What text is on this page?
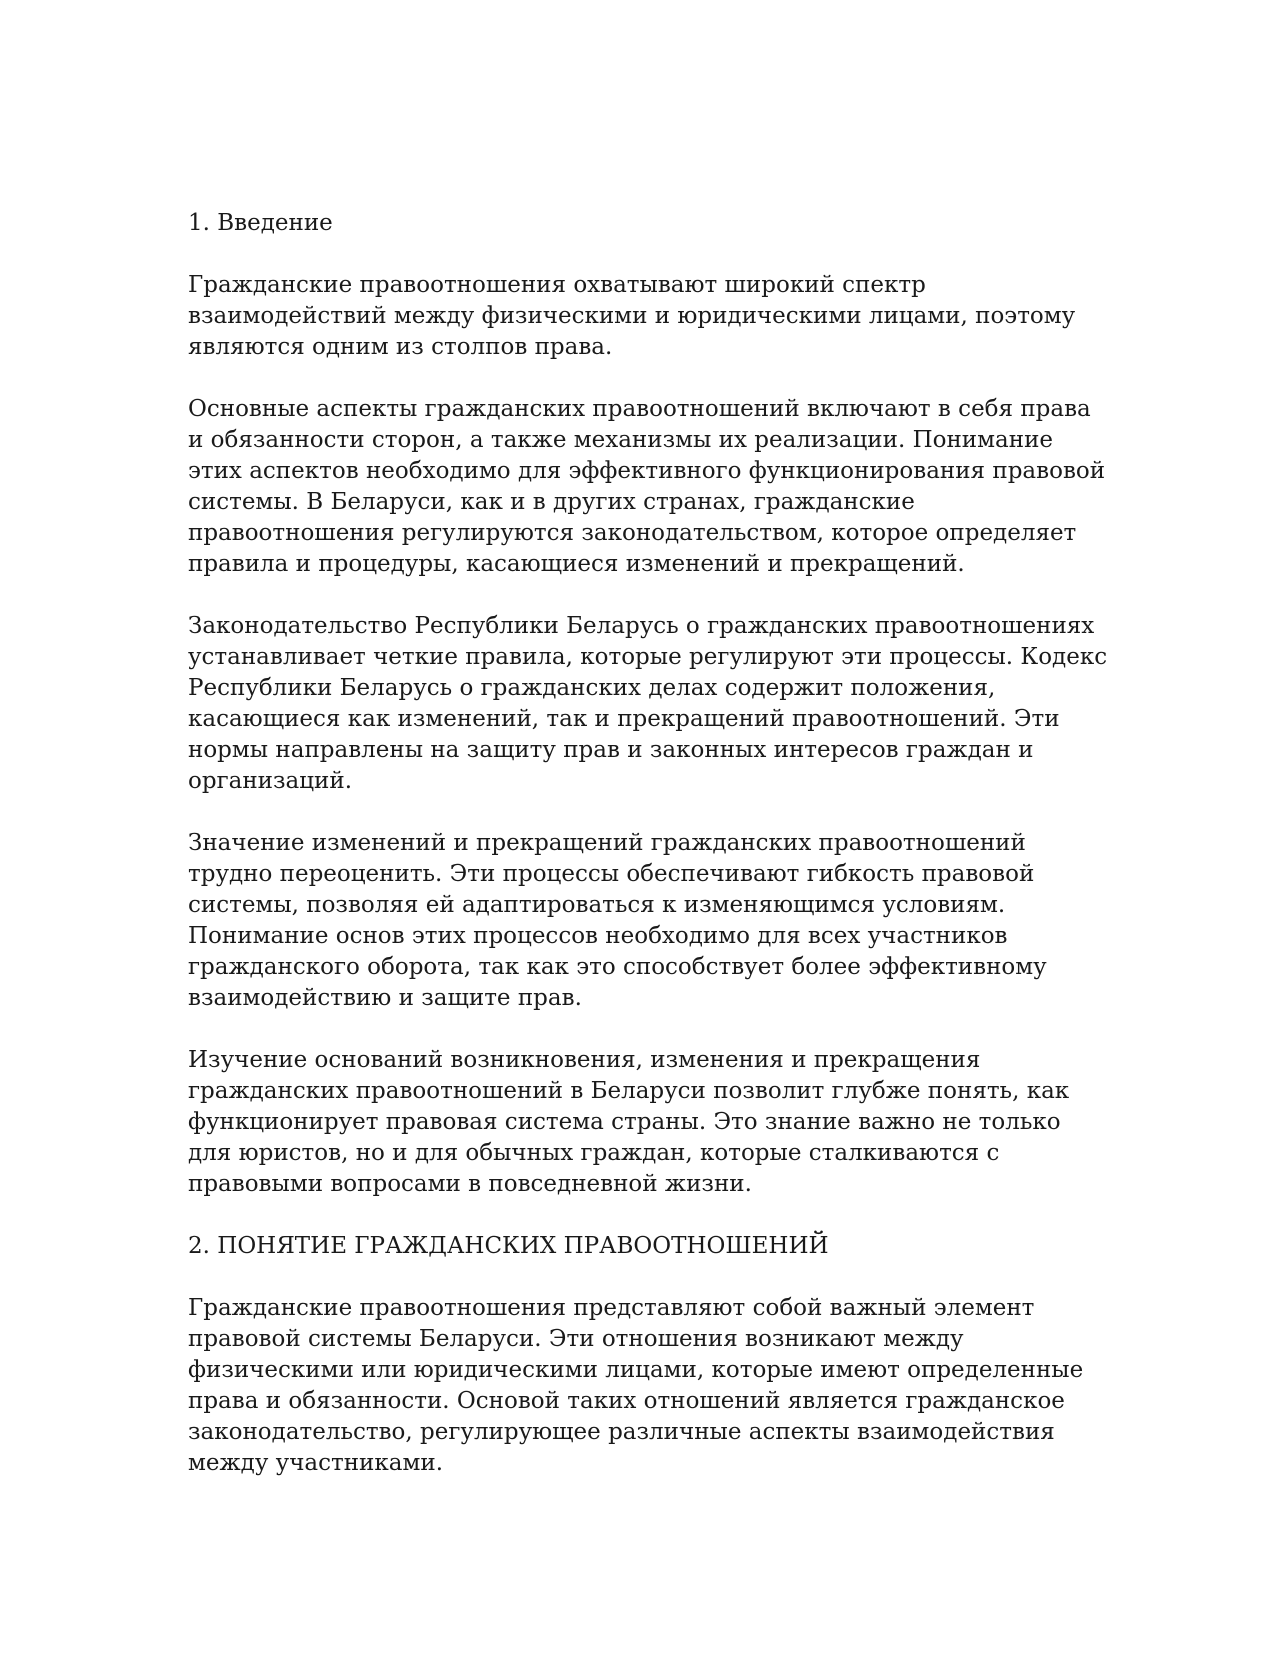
1. Введение

Гражданские правоотношения охватывают широкий спектр взаимодействий между физическими и юридическими лицами, поэтому являются одним из столпов права.

Основные аспекты гражданских правоотношений включают в себя права и обязанности сторон, а также механизмы их реализации. Понимание этих аспектов необходимо для эффективного функционирования правовой системы. В Беларуси, как и в других странах, гражданские правоотношения регулируются законодательством, которое определяет правила и процедуры, касающиеся изменений и прекращений.

Законодательство Республики Беларусь о гражданских правоотношениях устанавливает четкие правила, которые регулируют эти процессы. Кодекс Республики Беларусь о гражданских делах содержит положения, касающиеся как изменений, так и прекращений правоотношений. Эти нормы направлены на защиту прав и законных интересов граждан и организаций.

Значение изменений и прекращений гражданских правоотношений трудно переоценить. Эти процессы обеспечивают гибкость правовой системы, позволяя ей адаптироваться к изменяющимся условиям. Понимание основ этих процессов необходимо для всех участников гражданского оборота, так как это способствует более эффективному взаимодействию и защите прав.

Изучение оснований возникновения, изменения и прекращения гражданских правоотношений в Беларуси позволит глубже понять, как функционирует правовая система страны. Это знание важно не только для юристов, но и для обычных граждан, которые сталкиваются с правовыми вопросами в повседневной жизни.

2. ПОНЯТИЕ ГРАЖДАНСКИХ ПРАВООТНОШЕНИЙ

Гражданские правоотношения представляют собой важный элемент правовой системы Беларуси. Эти отношения возникают между физическими или юридическими лицами, которые имеют определенные права и обязанности. Основой таких отношений является гражданское законодательство, регулирующее различные аспекты взаимодействия между участниками.
